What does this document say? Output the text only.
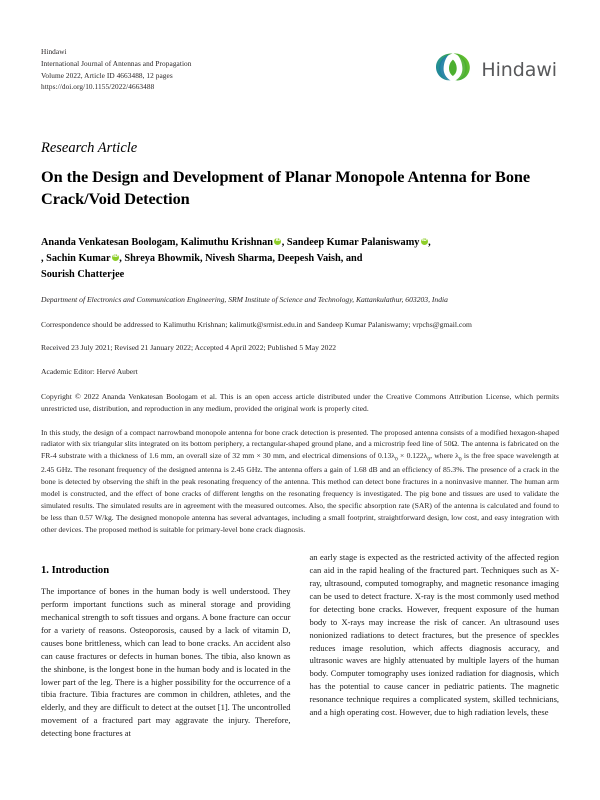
Hindawi
International Journal of Antennas and Propagation
Volume 2022, Article ID 4663488, 12 pages
https://doi.org/10.1155/2022/4663488
Hindawi
Research Article
On the Design and Development of Planar Monopole Antenna for Bone Crack/Void Detection
Ananda Venkatesan Boologam, Kalimuthu Krishnan iD , Sandeep Kumar Palaniswamy iD ,
, Sachin Kumar iD , Shreya Bhowmik, Nivesh Sharma, Deepesh Vaish, and
Sourish Chatterjee
Department of Electronics and Communication Engineering, SRM Institute of Science and Technology, Kattankulathur, 603203, India
Correspondence should be addressed to Kalimuthu Krishnan; kalimutk@srmist.edu.in and Sandeep Kumar Palaniswamy; vrpchs@gmail.com
Received 23 July 2021; Revised 21 January 2022; Accepted 4 April 2022; Published 5 May 2022
Academic Editor: Hervé Aubert
Copyright © 2022 Ananda Venkatesan Boologam et al. This is an open access article distributed under the Creative Commons Attribution License, which permits unrestricted use, distribution, and reproduction in any medium, provided the original work is properly cited.
In this study, the design of a compact narrowband monopole antenna for bone crack detection is presented. The proposed antenna consists of a modified hexagon-shaped radiator with six triangular slits integrated on its bottom periphery, a rectangular-shaped ground plane, and a microstrip feed line of 50Ω. The antenna is fabricated on the FR-4 substrate with a thickness of 1.6 mm, an overall size of 32 mm × 30 mm, and electrical dimensions of $0.13\lambda_0 \times 0.122\lambda_0$, where $\lambda_0$ is the free space wavelength at 2.45 GHz. The resonant frequency of the designed antenna is 2.45 GHz. The antenna offers a gain of 1.68 dB and an efficiency of 85.3%. The presence of a crack in the bone is detected by observing the shift in the peak resonating frequency of the antenna. This method can detect bone fractures in a noninvasive manner. The human arm model is constructed, and the effect of bone cracks of different lengths on the resonating frequency is investigated. The pig bone and tissues are used to validate the simulated results. The simulated results are in agreement with the measured outcomes. Also, the specific absorption rate (SAR) of the antenna is calculated and found to be less than 0.57 W/kg. The designed monopole antenna has several advantages, including a small footprint, straightforward design, low cost, and easy integration with other devices. The proposed method is suitable for primary-level bone crack diagnosis.
1. Introduction

The importance of bones in the human body is well understood. They perform important functions such as mineral storage and providing mechanical strength to soft tissues and organs. A bone fracture can occur for a variety of reasons. Osteoporosis, caused by a lack of vitamin D, causes bone brittleness, which can lead to bone cracks. An accident also can cause fractures or defects in human bones. The tibia, also known as the shinbone, is the longest bone in the human body and is located in the lower part of the leg. There is a higher possibility for the occurrence of a tibia fracture. Tibia fractures are common in children, athletes, and the elderly, and they are difficult to detect at the outset [1]. The uncontrolled movement of a fractured part may aggravate the injury. Therefore, detecting bone fractures at

an early stage is expected as the restricted activity of the affected region can aid in the rapid healing of the fractured part. Techniques such as X-ray, ultrasound, computed tomography, and magnetic resonance imaging can be used to detect fracture. X-ray is the most commonly used method for detecting bone cracks. However, frequent exposure of the human body to X-rays may increase the risk of cancer. An ultrasound uses nonionized radiations to detect fractures, but the presence of speckles reduces image resolution, which affects diagnosis accuracy, and ultrasonic waves are highly attenuated by multiple layers of the human body. Computer tomography uses ionized radiation for diagnosis, which has the potential to cause cancer in pediatric patients. The magnetic resonance technique requires a complicated system, skilled technicians, and a high operating cost. However, due to high radiation levels, these
